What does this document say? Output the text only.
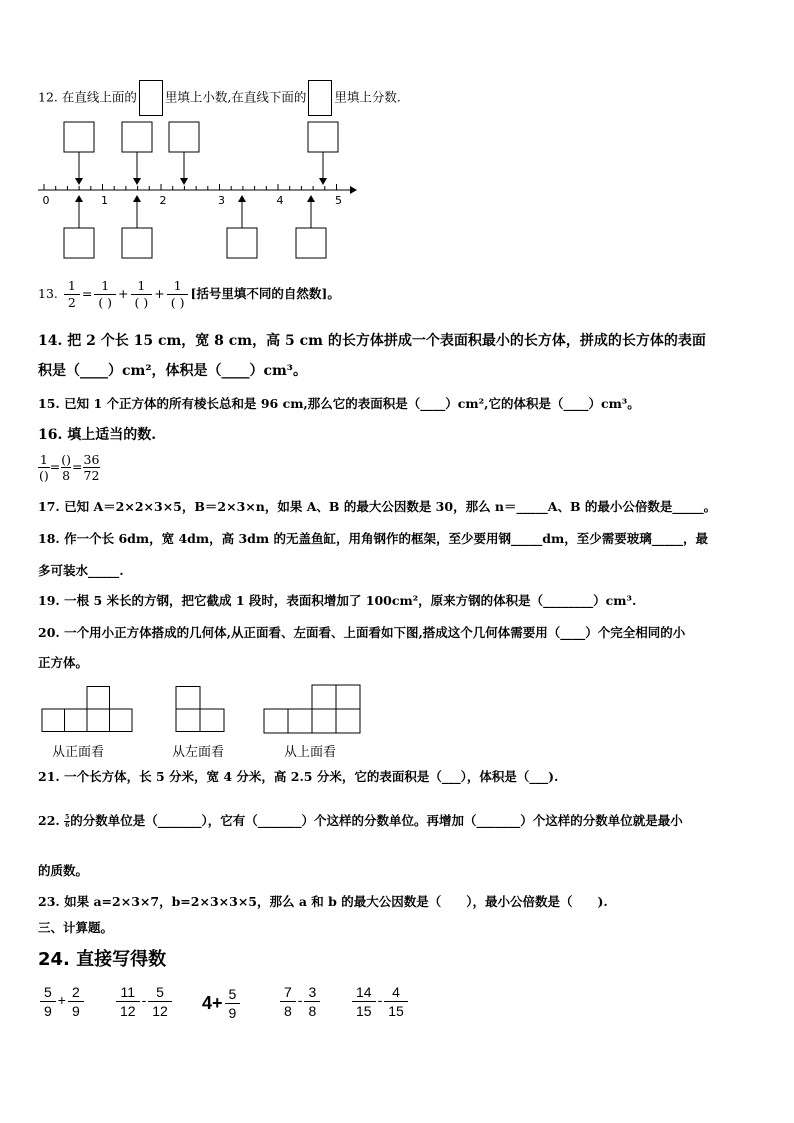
12. 在直线上面的 里填上小数,在直线下面的 里填上分数.
0	1	2	3	4	5
13. $\frac{1}{2} = \frac{1}{( )} + \frac{1}{( )} + \frac{1}{( )}$ [括号里填不同的自然数]。
14. 把 2 个长 15 cm，宽 8 cm，高 5 cm 的长方体拼成一个表面积最小的长方体，拼成的长方体的表面
积是（____）cm²，体积是（____）cm³。
15. 已知 1 个正方体的所有棱长总和是 96 cm,那么它的表面积是（____）cm²,它的体积是（____）cm³。
16. 填上适当的数.
$\frac{1}{()} = \frac{()}{8} = \frac{36}{72}$
17. 已知 A＝2×2×3×5，B＝2×3×n，如果 A、B 的最大公因数是 30，那么 n＝_____A、B 的最小公倍数是_____。
18. 作一个长 6dm，宽 4dm，高 3dm 的无盖鱼缸，用角钢作的框架，至少要用钢_____dm，至少需要玻璃_____，最
多可装水_____.
19. 一根 5 米长的方钢，把它截成 1 段时，表面积增加了 100cm²，原来方钢的体积是（________）cm³.
20. 一个用小正方体搭成的几何体,从正面看、左面看、上面看如下图,搭成这个几何体需要用（____）个完全相同的小
正方体。
从正面看	从左面看	从上面看
21. 一个长方体，长 5 分米，宽 4 分米，高 2.5 分米，它的表面积是（___），体积是（___).
22. $\frac{5}{6}$ 的分数单位是（_______），它有（_______）个这样的分数单位。再增加（_______）个这样的分数单位就是最小
的质数。
23. 如果 a=2×3×7，b=2×3×3×5，那么 a 和 b 的最大公因数是（　　），最小公倍数是（　　).
三、计算题。
24. 直接写得数
$\frac{5}{9} + \frac{2}{9} \frac{11}{12} - \frac{5}{12} 4+ \frac{5}{9}$	$\frac{7}{8} - \frac{3}{8} \frac{14}{15} - \frac{4}{15}$
